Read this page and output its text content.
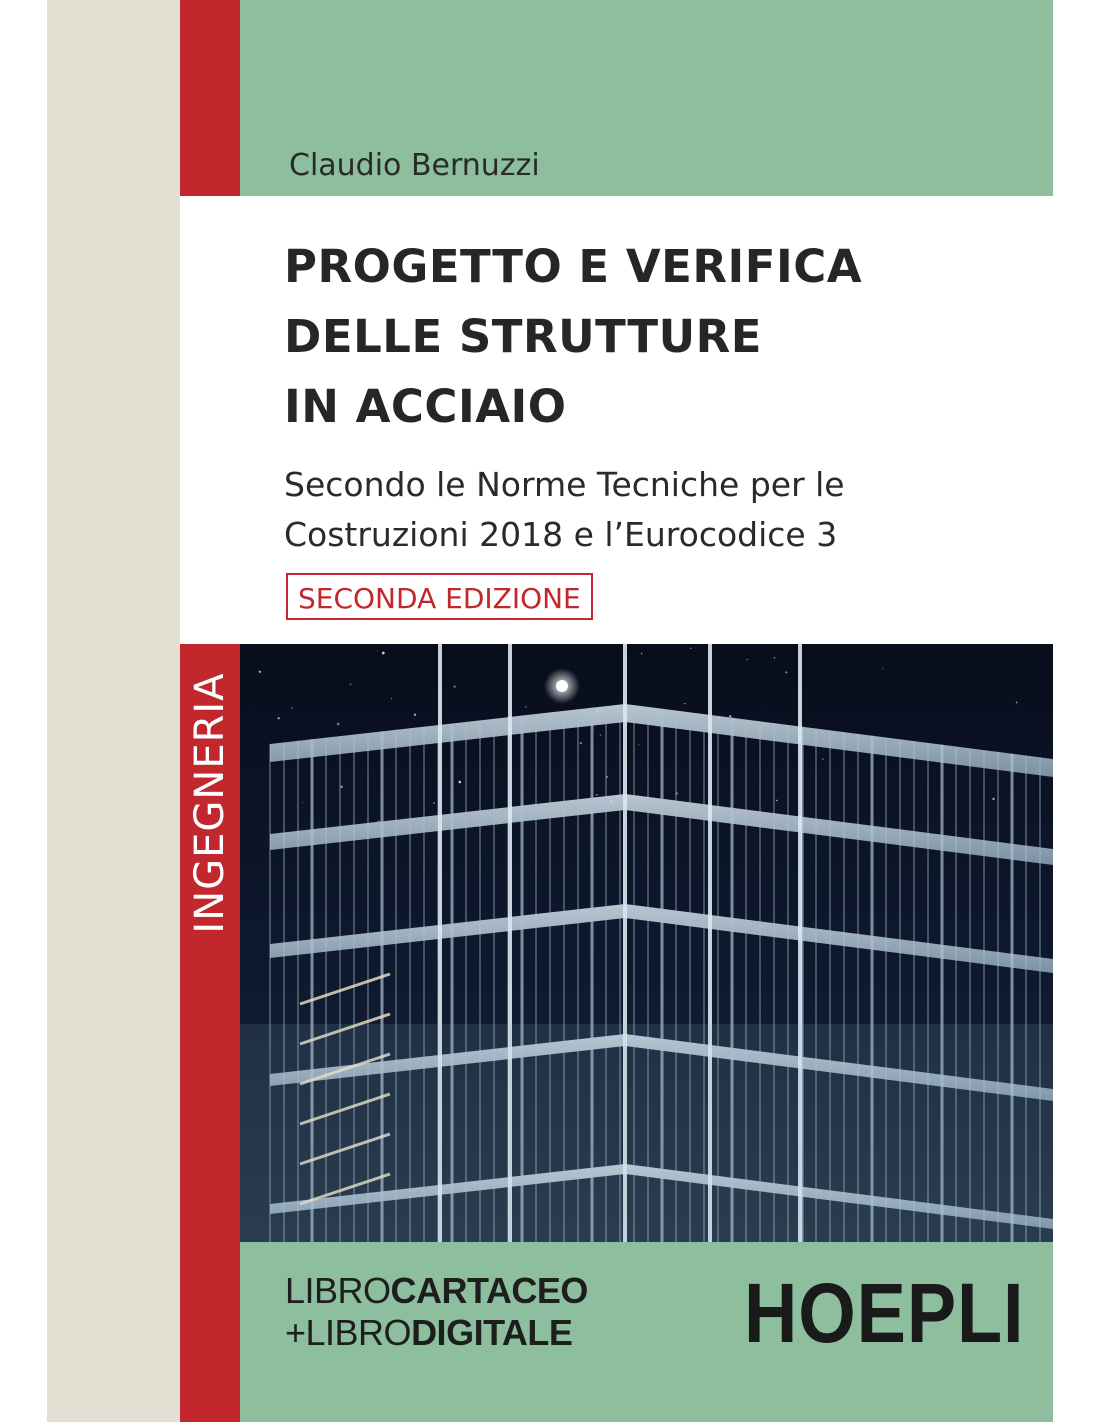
INGEGNERIA
Claudio Bernuzzi
PROGETTO E VERIFICA
DELLE STRUTTURE
IN ACCIAIO
Secondo le Norme Tecniche per le
Costruzioni 2018 e l’Eurocodice 3
SECONDA EDIZIONE
LIBROCARTACEO
+LIBRODIGITALE HOEPLI
